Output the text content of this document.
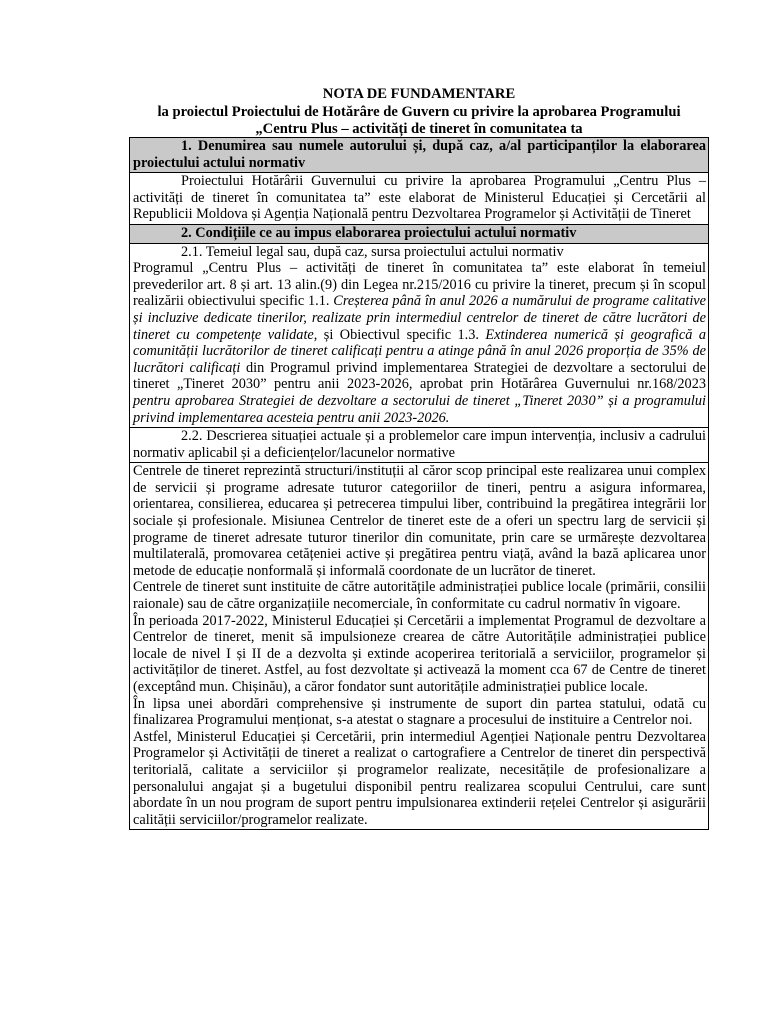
NOTA DE FUNDAMENTARE
la proiectul Proiectului de Hotărâre de Guvern cu privire la aprobarea Programului
„Centru Plus – activități de tineret în comunitatea ta
1. Denumirea sau numele autorului și, după caz, a/al participanților la elaborarea proiectului actului normativ
Proiectului Hotărârii Guvernului cu privire la aprobarea Programului „Centru Plus – activități de tineret în comunitatea ta” este elaborat de Ministerul Educației și Cercetării al Republicii Moldova și Agenția Națională pentru Dezvoltarea Programelor și Activității de Tineret
2. Condițiile ce au impus elaborarea proiectului actului normativ

2.1. Temeiul legal sau, după caz, sursa proiectului actului normativ

Programul „Centru Plus – activități de tineret în comunitatea ta” este elaborat în temeiul prevederilor art. 8 și art. 13 alin.(9) din Legea nr.215/2016 cu privire la tineret, precum și în scopul realizării obiectivului specific 1.1. Creșterea până în anul 2026 a numărului de programe calitative și incluzive dedicate tinerilor, realizate prin intermediul centrelor de tineret de către lucrători de tineret cu competențe validate, și Obiectivul specific 1.3. Extinderea numerică și geografică a comunității lucrătorilor de tineret calificați pentru a atinge până în anul 2026 proporția de 35% de lucrători calificați din Programul privind implementarea Strategiei de dezvoltare a sectorului de tineret „Tineret 2030” pentru anii 2023-2026, aprobat prin Hotărârea Guvernului nr.168/2023 pentru aprobarea Strategiei de dezvoltare a sectorului de tineret „Tineret 2030” și a programului privind implementarea acesteia pentru anii 2023-2026.

2.2. Descrierea situației actuale și a problemelor care impun intervenția, inclusiv a cadrului normativ aplicabil și a deficiențelor/lacunelor normative

Centrele de tineret reprezintă structuri/instituții al căror scop principal este realizarea unui complex de servicii și programe adresate tuturor categoriilor de tineri, pentru a asigura informarea, orientarea, consilierea, educarea și petrecerea timpului liber, contribuind la pregătirea integrării lor sociale și profesionale. Misiunea Centrelor de tineret este de a oferi un spectru larg de servicii și programe de tineret adresate tuturor tinerilor din comunitate, prin care se urmărește dezvoltarea multilaterală, promovarea cetățeniei active și pregătirea pentru viață, având la bază aplicarea unor metode de educație nonformală și informală coordonate de un lucrător de tineret.

Centrele de tineret sunt instituite de către autoritățile administrației publice locale (primării, consilii raionale) sau de către organizațiile necomerciale, în conformitate cu cadrul normativ în vigoare.

În perioada 2017-2022, Ministerul Educației și Cercetării a implementat Programul de dezvoltare a Centrelor de tineret, menit să impulsioneze crearea de către Autoritățile administrației publice locale de nivel I și II de a dezvolta și extinde acoperirea teritorială a serviciilor, programelor și activităților de tineret. Astfel, au fost dezvoltate și activează la moment cca 67 de Centre de tineret (exceptând mun. Chișinău), a căror fondator sunt autoritățile administrației publice locale.

În lipsa unei abordări comprehensive și instrumente de suport din partea statului, odată cu finalizarea Programului menționat, s-a atestat o stagnare a procesului de instituire a Centrelor noi.

Astfel, Ministerul Educației și Cercetării, prin intermediul Agenției Naționale pentru Dezvoltarea Programelor și Activității de tineret a realizat o cartografiere a Centrelor de tineret din perspectivă teritorială, calitate a serviciilor și programelor realizate, necesitățile de profesionalizare a personalului angajat și a bugetului disponibil pentru realizarea scopului Centrului, care sunt abordate în un nou program de suport pentru impulsionarea extinderii rețelei Centrelor și asigurării calității serviciilor/programelor realizate.
